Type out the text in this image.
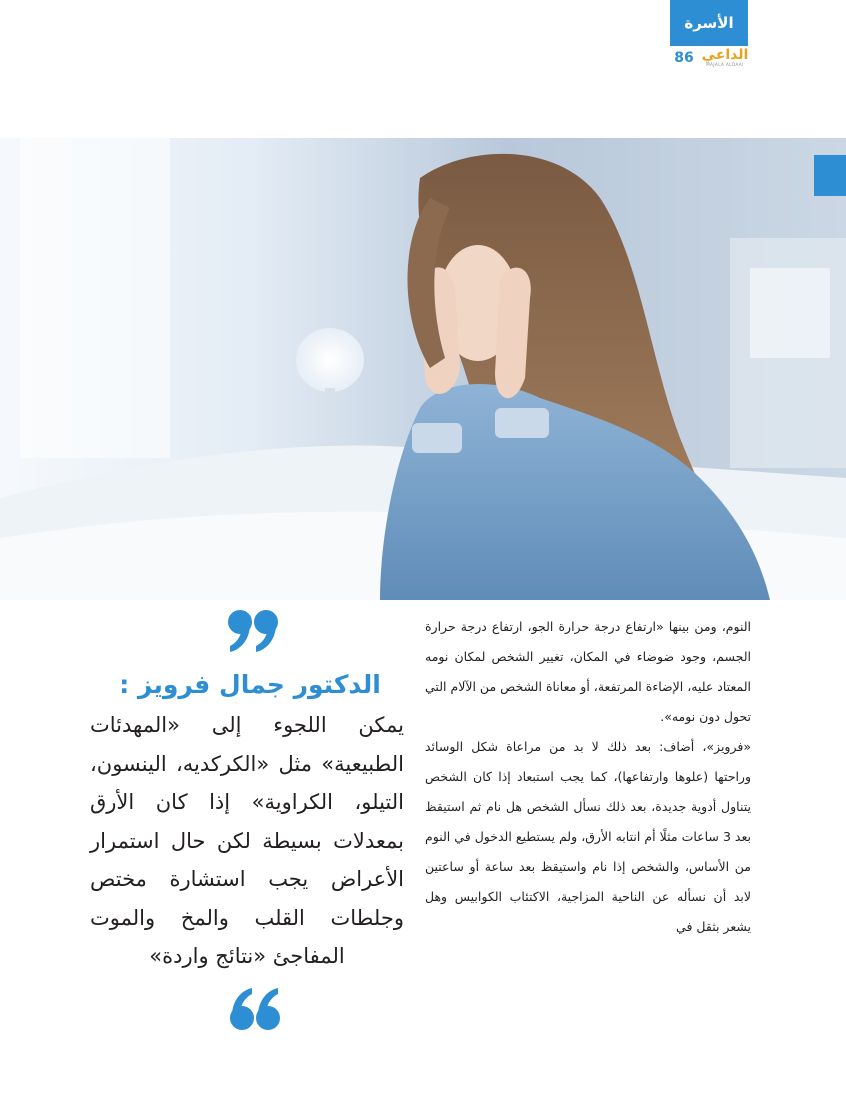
الأسرة
86 الداعي
MAJALA ALDAAI

النوم، ومن بينها «ارتفاع درجة حرارة الجو، ارتفاع درجة حرارة الجسم، وجود ضوضاء في المكان، تغيير الشخص لمكان نومه المعتاد عليه، الإضاءة المرتفعة، أو معاناة الشخص من الآلام التي تحول دون نومه».

«فرويز»، أضاف: بعد ذلك لا بد من مراعاة شكل الوسائد وراحتها (علوها وارتفاعها)، كما يجب استبعاد إذا كان الشخص يتناول أدوية جديدة، بعد ذلك نسأل الشخص هل نام ثم استيقظ بعد 3 ساعات مثلًا أم انتابه الأرق، ولم يستطيع الدخول في النوم من الأساس، والشخص إذا نام واستيقظ بعد ساعة أو ساعتين لابد أن نسأله عن الناحية المزاجية، الاكتئاب الكوابيس وهل يشعر بثقل في

الدكتور جمال فرويز :
يمكن اللجوء إلى «المهدئات الطبيعية» مثل «الكركديه، الينسون، التيلو، الكراوية» إذا كان الأرق بمعدلات بسيطة لكن حال استمرار الأعراض يجب استشارة مختص وجلطات القلب والمخ والموت المفاجئ «نتائج واردة»
